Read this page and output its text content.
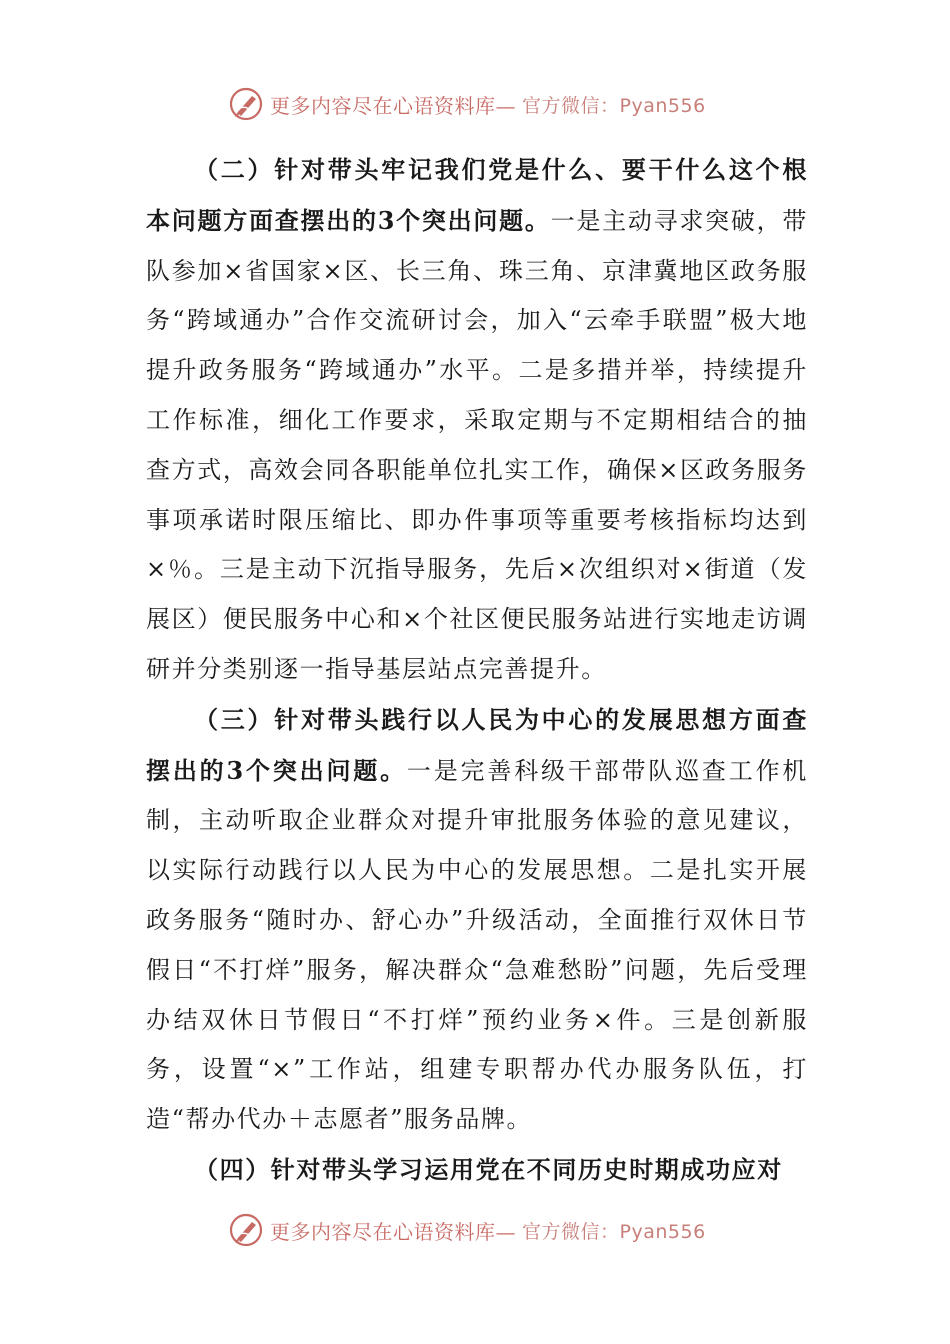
更多内容尽在心语资料库— 官方微信：Pyan556

（二）针对带头牢记我们党是什么、要干什么这个根本问题方面查摆出的3个突出问题。一是主动寻求突破，带队参加×省国家×区、长三角、珠三角、京津冀地区政务服务“跨域通办”合作交流研讨会，加入“云牵手联盟”极大地提升政务服务“跨域通办”水平。二是多措并举，持续提升工作标准，细化工作要求，采取定期与不定期相结合的抽查方式，高效会同各职能单位扎实工作，确保×区政务服务事项承诺时限压缩比、即办件事项等重要考核指标均达到×％。三是主动下沉指导服务，先后×次组织对×街道（发展区）便民服务中心和×个社区便民服务站进行实地走访调研并分类别逐一指导基层站点完善提升。

（三）针对带头践行以人民为中心的发展思想方面查摆出的3个突出问题。一是完善科级干部带队巡查工作机制，主动听取企业群众对提升审批服务体验的意见建议，以实际行动践行以人民为中心的发展思想。二是扎实开展政务服务“随时办、舒心办”升级活动，全面推行双休日节假日“不打烊”服务，解决群众“急难愁盼”问题，先后受理办结双休日节假日“不打烊”预约业务×件。三是创新服务，设置“×”工作站，组建专职帮办代办服务队伍，打造“帮办代办＋志愿者”服务品牌。

（四）针对带头学习运用党在不同历史时期成功应对

更多内容尽在心语资料库— 官方微信：Pyan556
